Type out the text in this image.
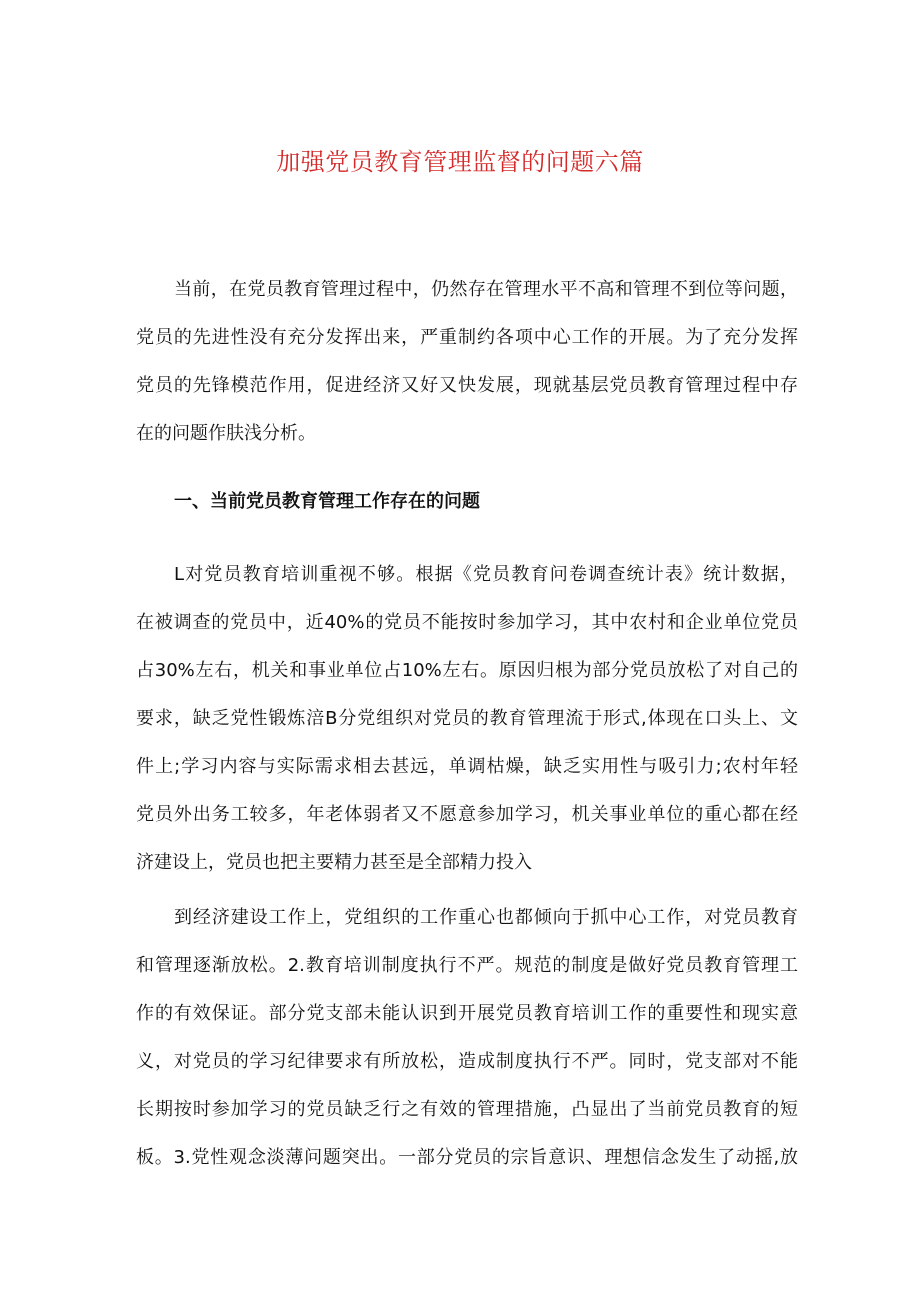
加强党员教育管理监督的问题六篇
当前，在党员教育管理过程中，仍然存在管理水平不高和管理不到位等问题，
党员的先进性没有充分发挥出来，严重制约各项中心工作的开展。为了充分发挥
党员的先锋模范作用，促进经济又好又快发展，现就基层党员教育管理过程中存
在的问题作肤浅分析。
一、当前党员教育管理工作存在的问题
L对党员教育培训重视不够。根据《党员教育问卷调查统计表》统计数据，
在被调查的党员中，近40%的党员不能按时参加学习，其中农村和企业单位党员
占30%左右，机关和事业单位占10%左右。原因归根为部分党员放松了对自己的
要求，缺乏党性锻炼涪B分党组织对党员的教育管理流于形式,体现在口头上、文
件上;学习内容与实际需求相去甚远，单调枯燥，缺乏实用性与吸引力;农村年轻
党员外出务工较多，年老体弱者又不愿意参加学习，机关事业单位的重心都在经
济建设上，党员也把主要精力甚至是全部精力投入
到经济建设工作上，党组织的工作重心也都倾向于抓中心工作，对党员教育
和管理逐渐放松。2.教育培训制度执行不严。规范的制度是做好党员教育管理工
作的有效保证。部分党支部未能认识到开展党员教育培训工作的重要性和现实意
义，对党员的学习纪律要求有所放松，造成制度执行不严。同时，党支部对不能
长期按时参加学习的党员缺乏行之有效的管理措施，凸显出了当前党员教育的短
板。3.党性观念淡薄问题突出。一部分党员的宗旨意识、理想信念发生了动摇,放
